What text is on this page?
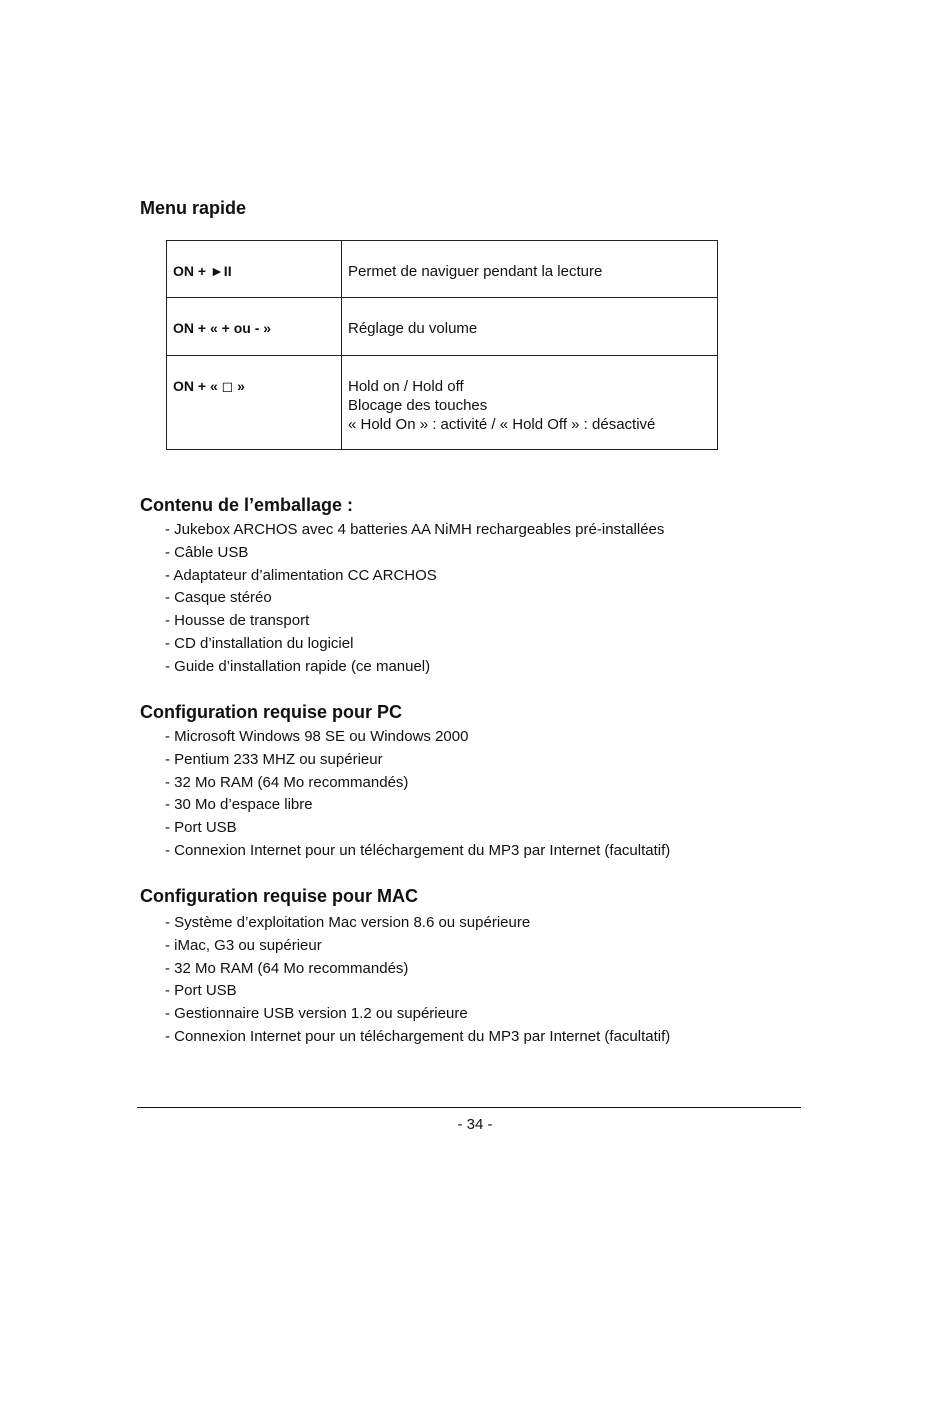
Menu rapide
ON + ►II	Permet de naviguer pendant la lecture

ON + « + ou - »	Réglage du volume

ON + « ◻ »	Hold on / Hold off
Blocage des touches
« Hold On » : activité / « Hold Off » : désactivé
Contenu de l’emballage :
- Jukebox ARCHOS avec 4 batteries AA NiMH rechargeables pré-installées
- Câble USB
- Adaptateur d’alimentation CC ARCHOS
- Casque stéréo
- Housse de transport
- CD d’installation du logiciel
- Guide d’installation rapide (ce manuel)
Configuration requise pour PC
- Microsoft Windows 98 SE ou Windows 2000
- Pentium 233 MHZ ou supérieur
- 32 Mo RAM (64 Mo recommandés)
- 30 Mo d’espace libre
- Port USB
- Connexion Internet pour un téléchargement du MP3 par Internet (facultatif)
Configuration requise pour MAC
- Système d’exploitation Mac version 8.6 ou supérieure
- iMac, G3 ou supérieur
- 32 Mo RAM (64 Mo recommandés)
- Port USB
- Gestionnaire USB version 1.2 ou supérieure
- Connexion Internet pour un téléchargement du MP3 par Internet (facultatif)
- 34 -
